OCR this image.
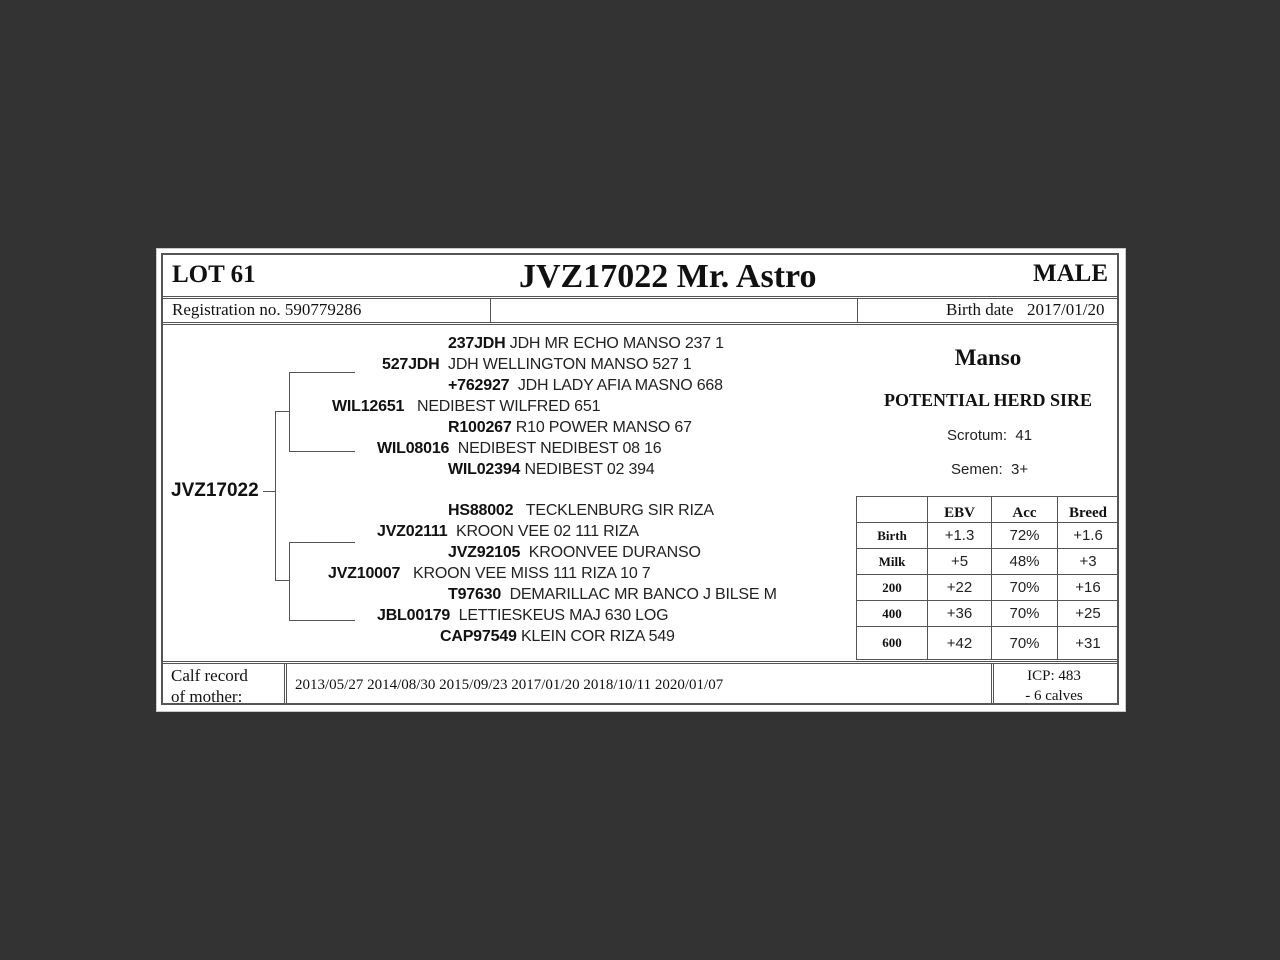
LOT 61	JVZ17022 Mr. Astro	MALE
Registration no. 590779286	Birth date 2017/01/20
JVZ17022
237JDH JDH MR ECHO MANSO 237 1
527JDH JDH WELLINGTON MANSO 527 1
+762927 JDH LADY AFIA MASNO 668
WIL12651 NEDIBEST WILFRED 651
R100267 R10 POWER MANSO 67
WIL08016 NEDIBEST NEDIBEST 08 16
WIL02394 NEDIBEST 02 394
HS88002 TECKLENBURG SIR RIZA
JVZ02111 KROON VEE 02 111 RIZA
JVZ92105 KROONVEE DURANSO
JVZ10007 KROON VEE MISS 111 RIZA 10 7
T97630 DEMARILLAC MR BANCO J BILSE M
JBL00179 LETTIESKEUS MAJ 630 LOG
CAP97549 KLEIN COR RIZA 549
Manso
POTENTIAL HERD SIRE
Scrotum: 41
Semen: 3+
Calf record
of mother:
2013/05/27 2014/08/30 2015/09/23 2017/01/20 2018/10/11 2020/01/07
ICP: 483
- 6 calves
	EBV	Acc	Breed
Birth	+1.3	72%	+1.6
Milk	+5	48%	+3
200	+22	70%	+16
400	+36	70%	+25
600	+42	70%	+31
